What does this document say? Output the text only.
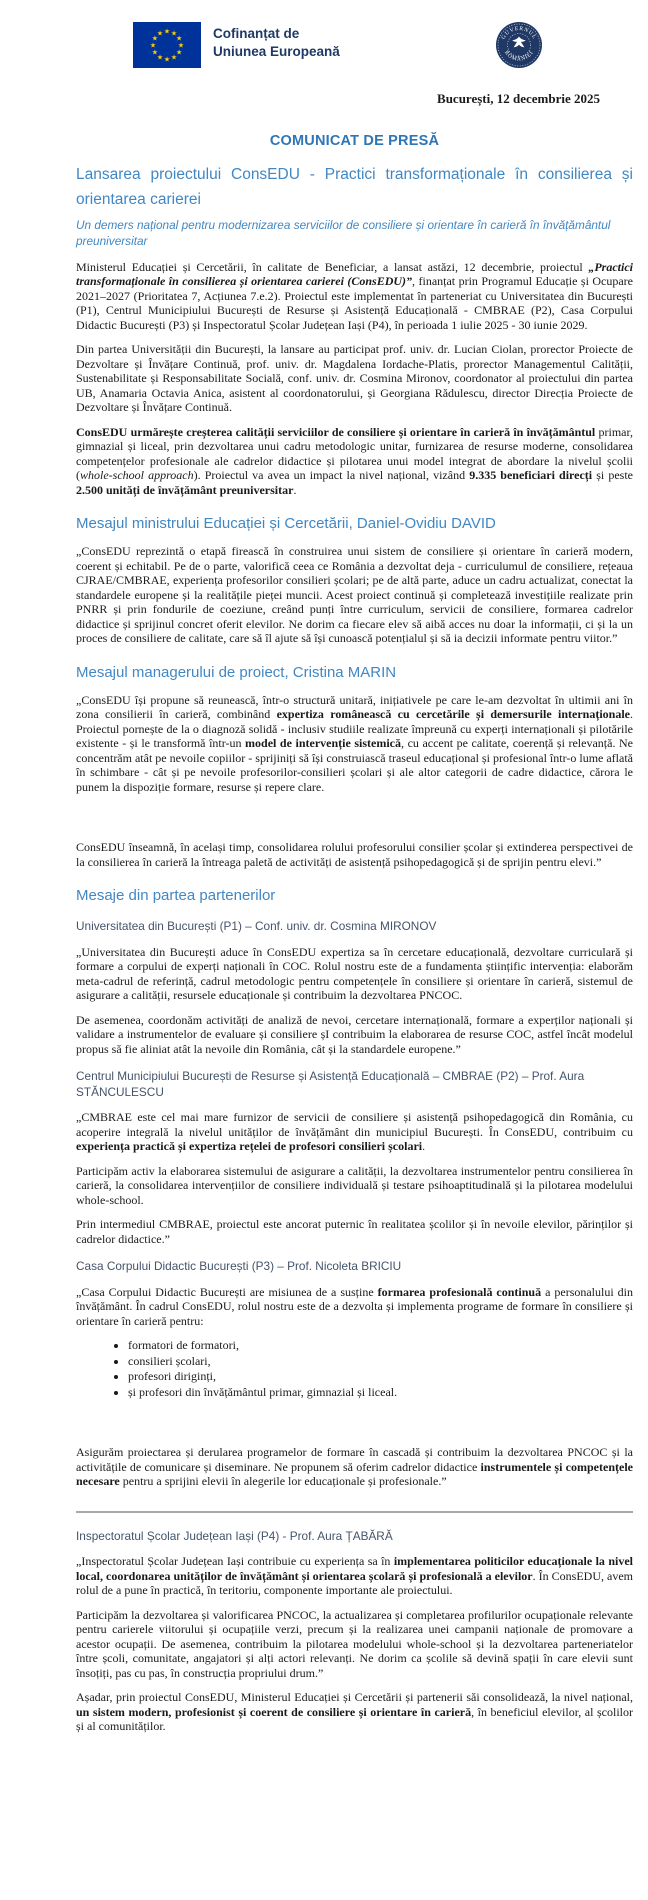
★ ★
★
★
★
★
★
★
★
★
★
★	Cofinanțat de
Uniunea Europeană
GUVERNUL
ROMÂNIEI
București, 12 decembrie 2025
COMUNICAT DE PRESĂ
Lansarea proiectului ConsEDU - Practici transformaționale în consilierea și orientarea carierei
Un demers național pentru modernizarea serviciilor de consiliere și orientare în carieră în învățământul preuniversitar
Ministerul Educației și Cercetării, în calitate de Beneficiar, a lansat astăzi, 12 decembrie, proiectul „Practici transformaționale în consilierea și orientarea carierei (ConsEDU)”, finanțat prin Programul Educație și Ocupare 2021–2027 (Prioritatea 7, Acțiunea 7.e.2). Proiectul este implementat în parteneriat cu Universitatea din București (P1), Centrul Municipiului București de Resurse și Asistență Educațională - CMBRAE (P2), Casa Corpului Didactic București (P3) și Inspectoratul Școlar Județean Iași (P4), în perioada 1 iulie 2025 - 30 iunie 2029.
Din partea Universității din București, la lansare au participat prof. univ. dr. Lucian Ciolan, prorector Proiecte de Dezvoltare și Învățare Continuă, prof. univ. dr. Magdalena Iordache-Platis, prorector Managementul Calității, Sustenabilitate și Responsabilitate Socială, conf. univ. dr. Cosmina Mironov, coordonator al proiectului din partea UB, Anamaria Octavia Anica, asistent al coordonatorului, și Georgiana Rădulescu, director Direcția Proiecte de Dezvoltare și Învățare Continuă.
ConsEDU urmărește creșterea calității serviciilor de consiliere și orientare în carieră în învățământul primar, gimnazial și liceal, prin dezvoltarea unui cadru metodologic unitar, furnizarea de resurse moderne, consolidarea competențelor profesionale ale cadrelor didactice și pilotarea unui model integrat de abordare la nivelul școlii (whole-school approach). Proiectul va avea un impact la nivel național, vizând 9.335 beneficiari direcți și peste 2.500 unități de învățământ preuniversitar.
Mesajul ministrului Educației și Cercetării, Daniel-Ovidiu DAVID
„ConsEDU reprezintă o etapă firească în construirea unui sistem de consiliere și orientare în carieră modern, coerent și echitabil. Pe de o parte, valorifică ceea ce România a dezvoltat deja - curriculumul de consiliere, rețeaua CJRAE/CMBRAE, experiența profesorilor consilieri școlari; pe de altă parte, aduce un cadru actualizat, conectat la standardele europene și la realitățile pieței muncii. Acest proiect continuă și completează investițiile realizate prin PNRR și prin fondurile de coeziune, creând punți între curriculum, servicii de consiliere, formarea cadrelor didactice și sprijinul concret oferit elevilor. Ne dorim ca fiecare elev să aibă acces nu doar la informații, ci și la un proces de consiliere de calitate, care să îl ajute să își cunoască potențialul și să ia decizii informate pentru viitor.”
Mesajul managerului de proiect, Cristina MARIN
„ConsEDU își propune să reunească, într-o structură unitară, inițiativele pe care le-am dezvoltat în ultimii ani în zona consilierii în carieră, combinând expertiza românească cu cercetările și demersurile internaționale. Proiectul pornește de la o diagnoză solidă - inclusiv studiile realizate împreună cu experți internaționali și pilotările existente - și le transformă într-un model de intervenție sistemică, cu accent pe calitate, coerență și relevanță. Ne concentrăm atât pe nevoile copiilor - sprijiniți să își construiască traseul educațional și profesional într-o lume aflată în schimbare - cât și pe nevoile profesorilor-consilieri școlari și ale altor categorii de cadre didactice, cărora le punem la dispoziție formare, resurse și repere clare.
ConsEDU înseamnă, în același timp, consolidarea rolului profesorului consilier școlar și extinderea perspectivei de la consilierea în carieră la întreaga paletă de activități de asistență psihopedagogică și de sprijin pentru elevi.”
Mesaje din partea partenerilor
Universitatea din București (P1) – Conf. univ. dr. Cosmina MIRONOV
„Universitatea din București aduce în ConsEDU expertiza sa în cercetare educațională, dezvoltare curriculară și formare a corpului de experți naționali în COC. Rolul nostru este de a fundamenta științific intervenția: elaborăm meta-cadrul de referință, cadrul metodologic pentru competențele în consiliere și orientare în carieră, sistemul de asigurare a calității, resursele educaționale și contribuim la dezvoltarea PNCOC.
De asemenea, coordonăm activități de analiză de nevoi, cercetare internațională, formare a experților naționali și validare a instrumentelor de evaluare și consiliere șI contribuim la elaborarea de resurse COC, astfel încât modelul propus să fie aliniat atât la nevoile din România, cât și la standardele europene.”
Centrul Municipiului București de Resurse și Asistență Educațională – CMBRAE (P2) – Prof. Aura STĂNCULESCU
„CMBRAE este cel mai mare furnizor de servicii de consiliere și asistență psihopedagogică din România, cu acoperire integrală la nivelul unităților de învățământ din municipiul București. În ConsEDU, contribuim cu experiența practică și expertiza rețelei de profesori consilieri școlari.
Participăm activ la elaborarea sistemului de asigurare a calității, la dezvoltarea instrumentelor pentru consilierea în carieră, la consolidarea intervențiilor de consiliere individuală și testare psihoaptitudinală și la pilotarea modelului whole-school.
Prin intermediul CMBRAE, proiectul este ancorat puternic în realitatea școlilor și în nevoile elevilor, părinților și cadrelor didactice.”
Casa Corpului Didactic București (P3) – Prof. Nicoleta BRICIU
„Casa Corpului Didactic București are misiunea de a susține formarea profesională continuă a personalului din învățământ. În cadrul ConsEDU, rolul nostru este de a dezvolta și implementa programe de formare în consiliere și orientare în carieră pentru:
• formatori de formatori,
• consilieri școlari,
• profesori diriginți,
• și profesori din învățământul primar, gimnazial și liceal.
Asigurăm proiectarea și derularea programelor de formare în cascadă și contribuim la dezvoltarea PNCOC și la activitățile de comunicare și diseminare. Ne propunem să oferim cadrelor didactice instrumentele și competențele necesare pentru a sprijini elevii în alegerile lor educaționale și profesionale.”
Inspectoratul Școlar Județean Iași (P4) - Prof. Aura ȚABĂRĂ
„Inspectoratul Școlar Județean Iași contribuie cu experiența sa în implementarea politicilor educaționale la nivel local, coordonarea unităților de învățământ și orientarea școlară și profesională a elevilor. În ConsEDU, avem rolul de a pune în practică, în teritoriu, componente importante ale proiectului.
Participăm la dezvoltarea și valorificarea PNCOC, la actualizarea și completarea profilurilor ocupaționale relevante pentru carierele viitorului și ocupațiile verzi, precum și la realizarea unei campanii naționale de promovare a acestor ocupații. De asemenea, contribuim la pilotarea modelului whole-school și la dezvoltarea parteneriatelor între școli, comunitate, angajatori și alți actori relevanți. Ne dorim ca școlile să devină spații în care elevii sunt însoțiți, pas cu pas, în construcția propriului drum.”
Așadar, prin proiectul ConsEDU, Ministerul Educației și Cercetării și partenerii săi consolidează, la nivel național, un sistem modern, profesionist și coerent de consiliere și orientare în carieră, în beneficiul elevilor, al școlilor și al comunităților.
